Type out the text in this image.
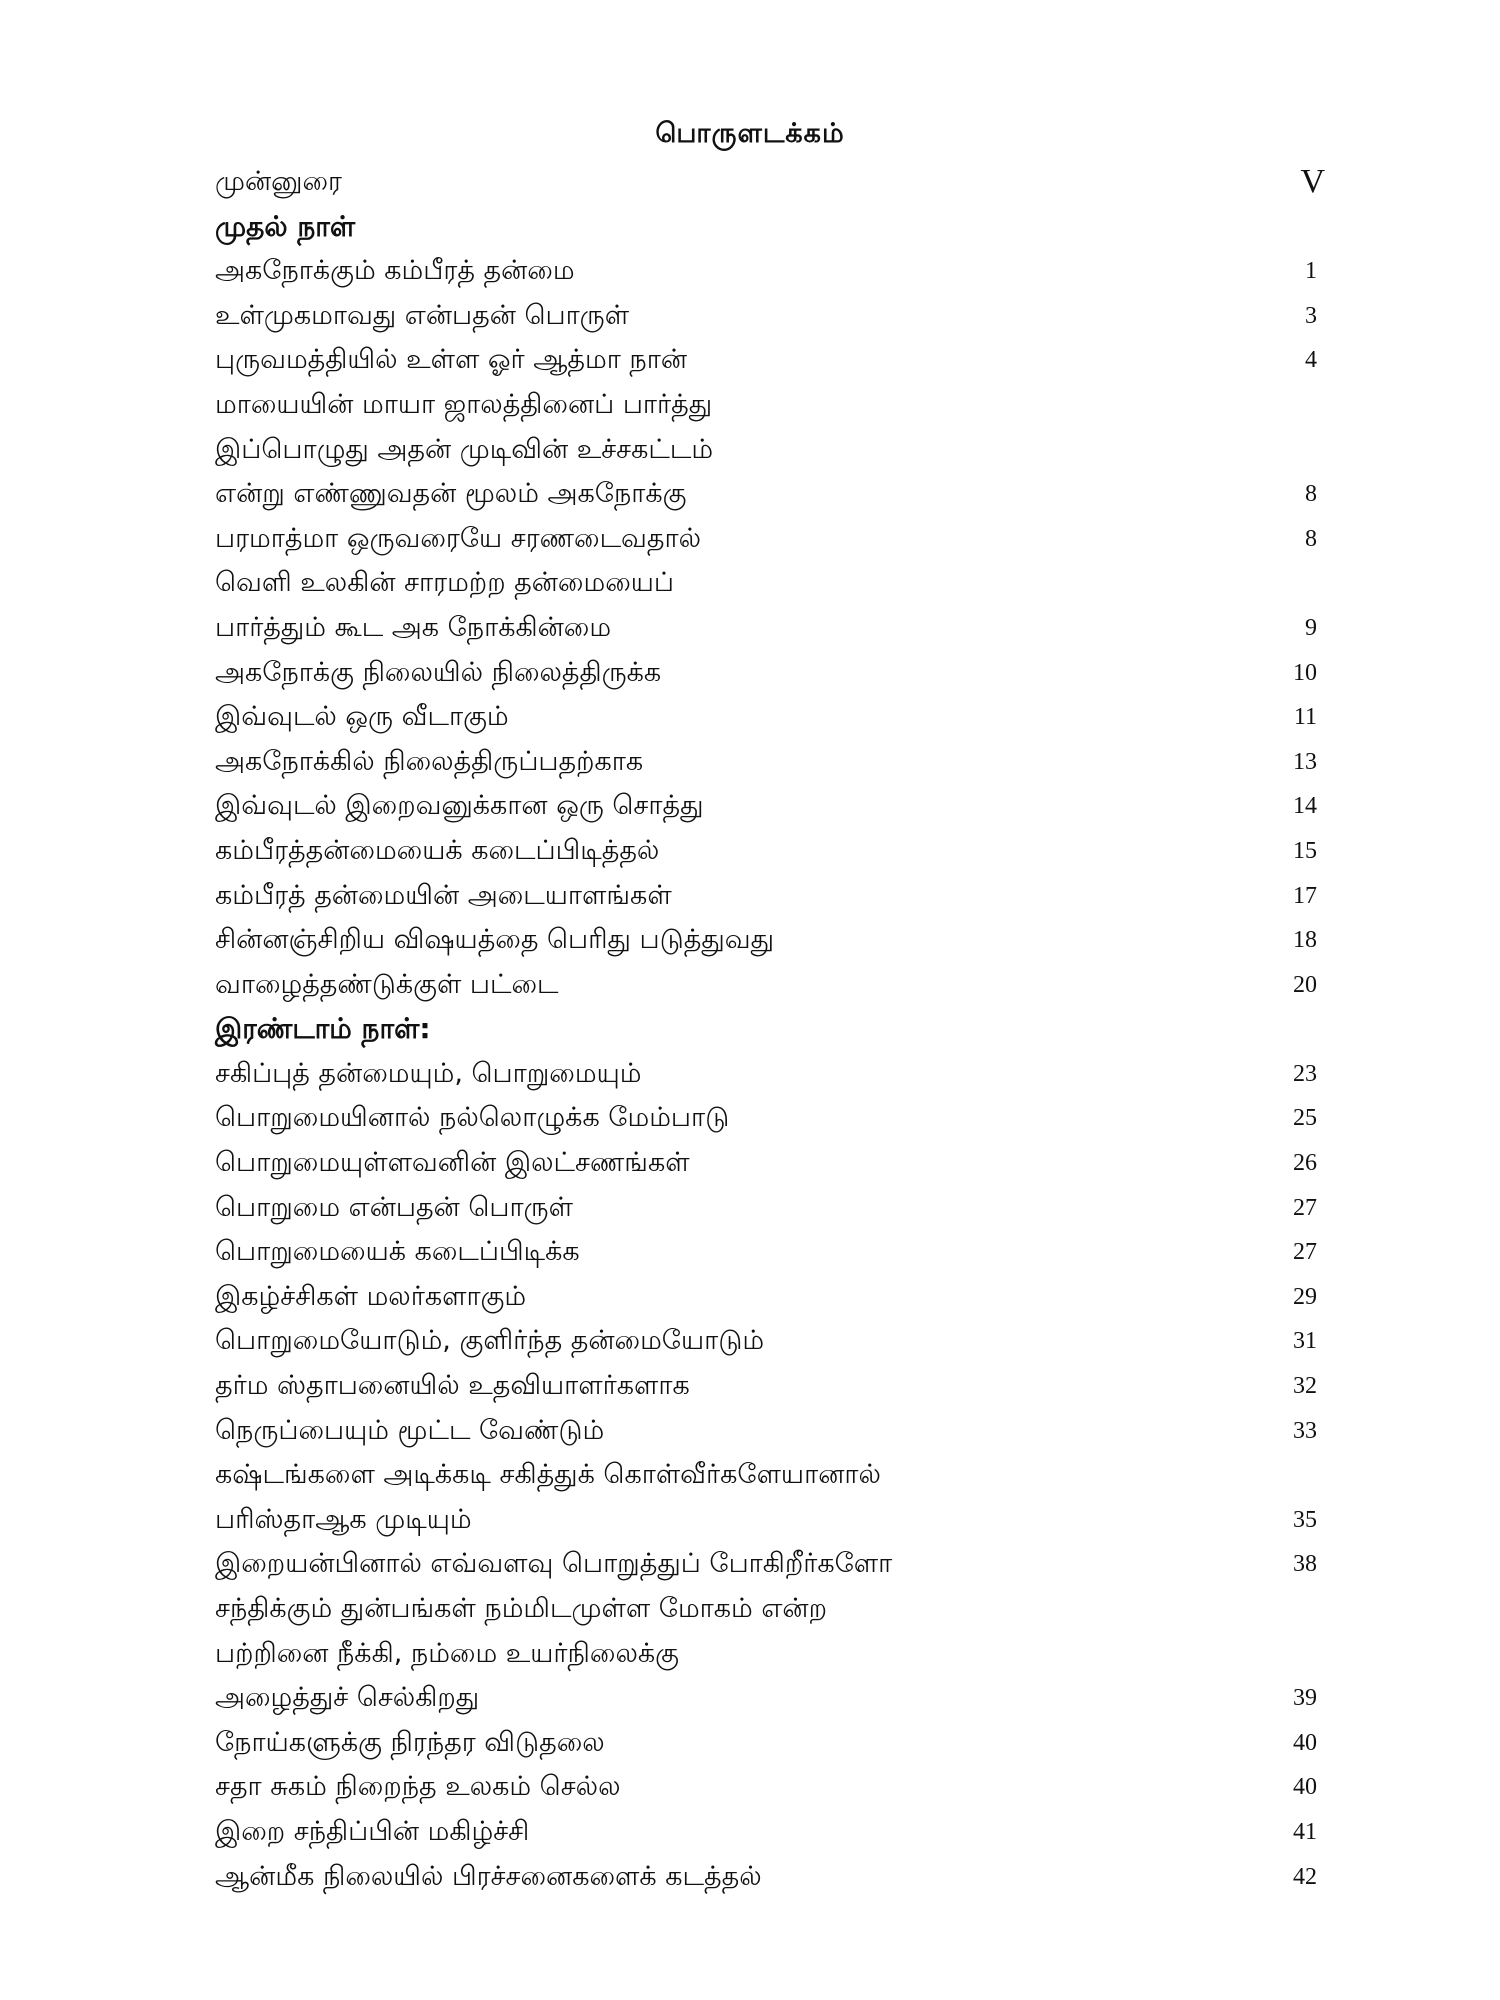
பொருளடக்கம்
முன்னுரை	V
முதல் நாள்
அகநோக்கும் கம்பீரத் தன்மை	1
உள்முகமாவது என்பதன் பொருள்	3
புருவமத்தியில் உள்ள ஓர் ஆத்மா நான்	4
மாயையின் மாயா ஜாலத்தினைப் பார்த்து
இப்பொழுது அதன் முடிவின் உச்சகட்டம்
என்று எண்ணுவதன் மூலம் அகநோக்கு	8
பரமாத்மா ஒருவரையே சரணடைவதால்	8
வெளி உலகின் சாரமற்ற தன்மையைப்
பார்த்தும் கூட அக நோக்கின்மை	9
அகநோக்கு நிலையில் நிலைத்திருக்க	10
இவ்வுடல் ஒரு வீடாகும்	11
அகநோக்கில் நிலைத்திருப்பதற்காக	13
இவ்வுடல் இறைவனுக்கான ஒரு சொத்து	14
கம்பீரத்தன்மையைக் கடைப்பிடித்தல்	15
கம்பீரத் தன்மையின் அடையாளங்கள்	17
சின்னஞ்சிறிய விஷயத்தை பெரிது படுத்துவது	18
வாழைத்தண்டுக்குள் பட்டை	20
இரண்டாம் நாள்:
சகிப்புத் தன்மையும், பொறுமையும்	23
பொறுமையினால் நல்லொழுக்க மேம்பாடு	25
பொறுமையுள்ளவனின் இலட்சணங்கள்	26
பொறுமை என்பதன் பொருள்	27
பொறுமையைக் கடைப்பிடிக்க	27
இகழ்ச்சிகள் மலர்களாகும்	29
பொறுமையோடும், குளிர்ந்த தன்மையோடும்	31
தர்ம ஸ்தாபனையில் உதவியாளர்களாக	32
நெருப்பையும் மூட்ட வேண்டும்	33
கஷ்டங்களை அடிக்கடி சகித்துக் கொள்வீர்களேயானால்
பரிஸ்தாஆக முடியும்	35
இறையன்பினால் எவ்வளவு பொறுத்துப் போகிறீர்களோ	38
சந்திக்கும் துன்பங்கள் நம்மிடமுள்ள மோகம் என்ற
பற்றினை நீக்கி, நம்மை உயர்நிலைக்கு
அழைத்துச் செல்கிறது	39
நோய்களுக்கு நிரந்தர விடுதலை	40
சதா சுகம் நிறைந்த உலகம் செல்ல	40
இறை சந்திப்பின் மகிழ்ச்சி	41
ஆன்மீக நிலையில் பிரச்சனைகளைக் கடத்தல்	42
